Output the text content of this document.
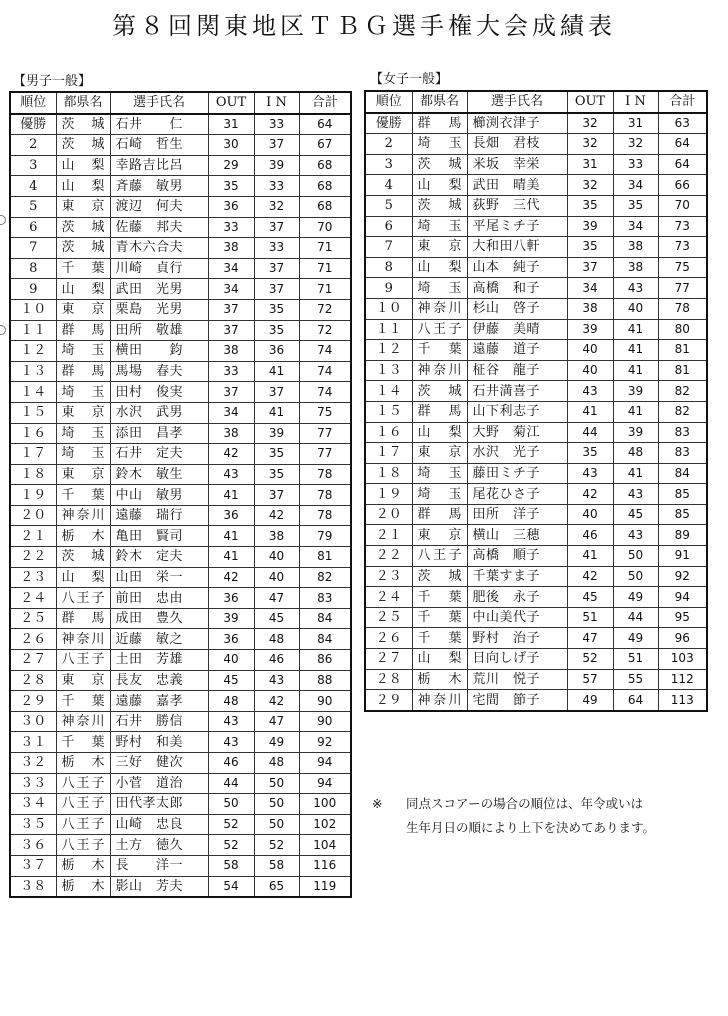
第８回関東地区ＴＢＧ選手権大会成績表
【男子一般】	【女子一般】
順位	都県名	選手氏名	OUT	I N	合計
優勝	茨　城	石井　　仁	31	33	64
2	茨　城	石崎　哲生	30	37	67
3	山　梨	幸路吉比呂	29	39	68
4	山　梨	斉藤　敏男	35	33	68
5	東　京	渡辺　何夫	36	32	68
6	茨　城	佐藤　邦夫	33	37	70
7	茨　城	青木六合夫	38	33	71
8	千　葉	川崎　貞行	34	37	71
9	山　梨	武田　光男	34	37	71
１０	東　京	栗島　光男	37	35	72
１１	群　馬	田所　敬雄	37	35	72
１２	埼　玉	横田　　鈞	38	36	74
１３	群　馬	馬場　春夫	33	41	74
１４	埼　玉	田村　俊実	37	37	74
１５	東　京	水沢　武男	34	41	75
１６	埼　玉	添田　昌孝	38	39	77
１７	埼　玉	石井　定夫	42	35	77
１８	東　京	鈴木　敏生	43	35	78
１９	千　葉	中山　敏男	41	37	78
２０	神奈川	遠藤　瑞行	36	42	78
２１	栃　木	亀田　賢司	41	38	79
２２	茨　城	鈴木　定夫	41	40	81
２３	山　梨	山田　栄一	42	40	82
２４	八王子	前田　忠由	36	47	83
２５	群　馬	成田　豊久	39	45	84
２６	神奈川	近藤　敏之	36	48	84
２７	八王子	土田　芳雄	40	46	86
２８	東　京	長友　忠義	45	43	88
２９	千　葉	遠藤　嘉孝	48	42	90
３０	神奈川	石井　勝信	43	47	90
３１	千　葉	野村　和美	43	49	92
３２	栃　木	三好　健次	46	48	94
３３	八王子	小菅　道治	44	50	94
３４	八王子	田代孝太郎	50	50	100
３５	八王子	山崎　忠良	52	50	102
３６	八王子	土方　徳久	52	52	104
３７	栃　木	長　　洋一	58	58	116
３８	栃　木	影山　芳夫	54	65	119
順位	都県名	選手氏名	OUT	I N	合計
優勝	群　馬	櫛渕衣津子	32	31	63
2	埼　玉	長畑　君枝	32	32	64
3	茨　城	米坂　幸栄	31	33	64
4	山　梨	武田　晴美	32	34	66
5	茨　城	荻野　三代	35	35	70
6	埼　玉	平尾ミチ子	39	34	73
7	東　京	大和田八軒	35	38	73
8	山　梨	山本　純子	37	38	75
9	埼　玉	高橋　和子	34	43	77
１０	神奈川	杉山　啓子	38	40	78
１１	八王子	伊藤　美晴	39	41	80
１２	千　葉	遠藤　道子	40	41	81
１３	神奈川	柾谷　龍子	40	41	81
１４	茨　城	石井満喜子	43	39	82
１５	群　馬	山下利志子	41	41	82
１６	山　梨	大野　菊江	44	39	83
１７	東　京	水沢　光子	35	48	83
１８	埼　玉	藤田ミチ子	43	41	84
１９	埼　玉	尾花ひさ子	42	43	85
２０	群　馬	田所　洋子	40	45	85
２１	東　京	横山　三穂	46	43	89
２２	八王子	高橋　順子	41	50	91
２３	茨　城	千葉すま子	42	50	92
２４	千　葉	肥後　永子	45	49	94
２５	千　葉	中山美代子	51	44	95
２６	千　葉	野村　治子	47	49	96
２７	山　梨	日向しげ子	52	51	103
２８	栃　木	荒川　悦子	57	55	112
２９	神奈川	宅間　節子	49	64	113
※ 同点スコアーの場合の順位は、年令或いは
生年月日の順により上下を決めてあります。
